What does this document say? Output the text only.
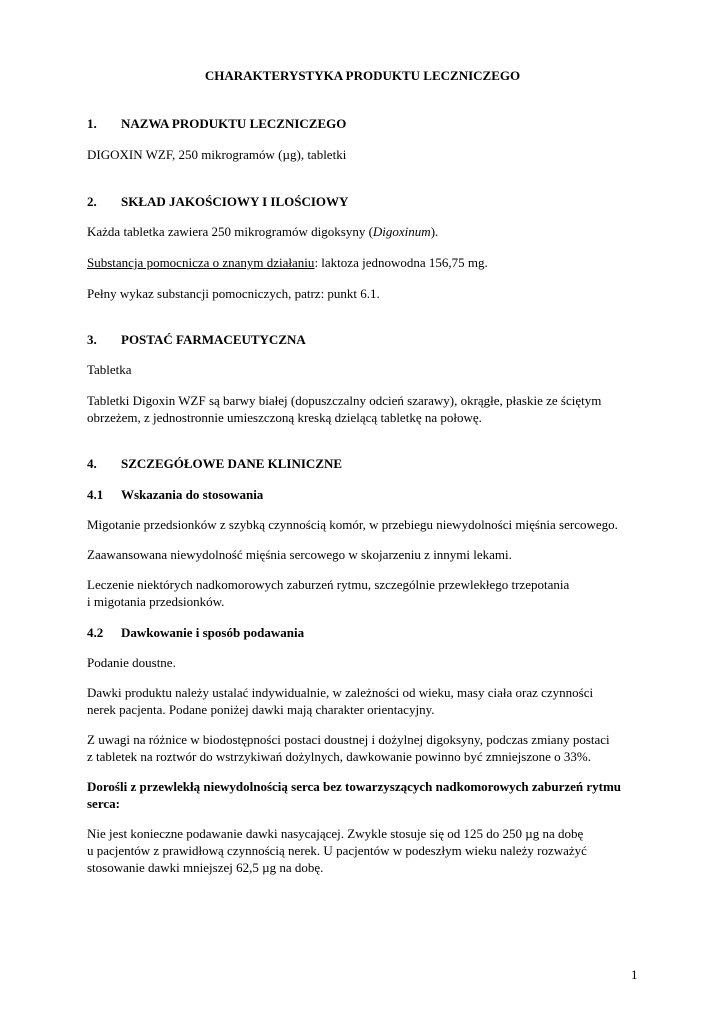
CHARAKTERYSTYKA PRODUKTU LECZNICZEGO
1. NAZWA PRODUKTU LECZNICZEGO
DIGOXIN WZF, 250 mikrogramów (µg), tabletki
2. SKŁAD JAKOŚCIOWY I ILOŚCIOWY
Każda tabletka zawiera 250 mikrogramów digoksyny (Digoxinum).
Substancja pomocnicza o znanym działaniu: laktoza jednowodna 156,75 mg.
Pełny wykaz substancji pomocniczych, patrz: punkt 6.1.
3. POSTAĆ FARMACEUTYCZNA
Tabletka
Tabletki Digoxin WZF są barwy białej (dopuszczalny odcień szarawy), okrągłe, płaskie ze ściętym
obrzeżem, z jednostronnie umieszczoną kreską dzielącą tabletkę na połowę.
4. SZCZEGÓŁOWE DANE KLINICZNE
4.1 Wskazania do stosowania
Migotanie przedsionków z szybką czynnością komór, w przebiegu niewydolności mięśnia sercowego.
Zaawansowana niewydolność mięśnia sercowego w skojarzeniu z innymi lekami.
Leczenie niektórych nadkomorowych zaburzeń rytmu, szczególnie przewlekłego trzepotania
i migotania przedsionków.
4.2 Dawkowanie i sposób podawania
Podanie doustne.
Dawki produktu należy ustalać indywidualnie, w zależności od wieku, masy ciała oraz czynności
nerek pacjenta. Podane poniżej dawki mają charakter orientacyjny.
Z uwagi na różnice w biodostępności postaci doustnej i dożylnej digoksyny, podczas zmiany postaci
z tabletek na roztwór do wstrzykiwań dożylnych, dawkowanie powinno być zmniejszone o 33%.
Dorośli z przewlekłą niewydolnością serca bez towarzyszących nadkomorowych zaburzeń rytmu
serca:
Nie jest konieczne podawanie dawki nasycającej. Zwykle stosuje się od 125 do 250 µg na dobę
u pacjentów z prawidłową czynnością nerek. U pacjentów w podeszłym wieku należy rozważyć
stosowanie dawki mniejszej 62,5 µg na dobę.
1
